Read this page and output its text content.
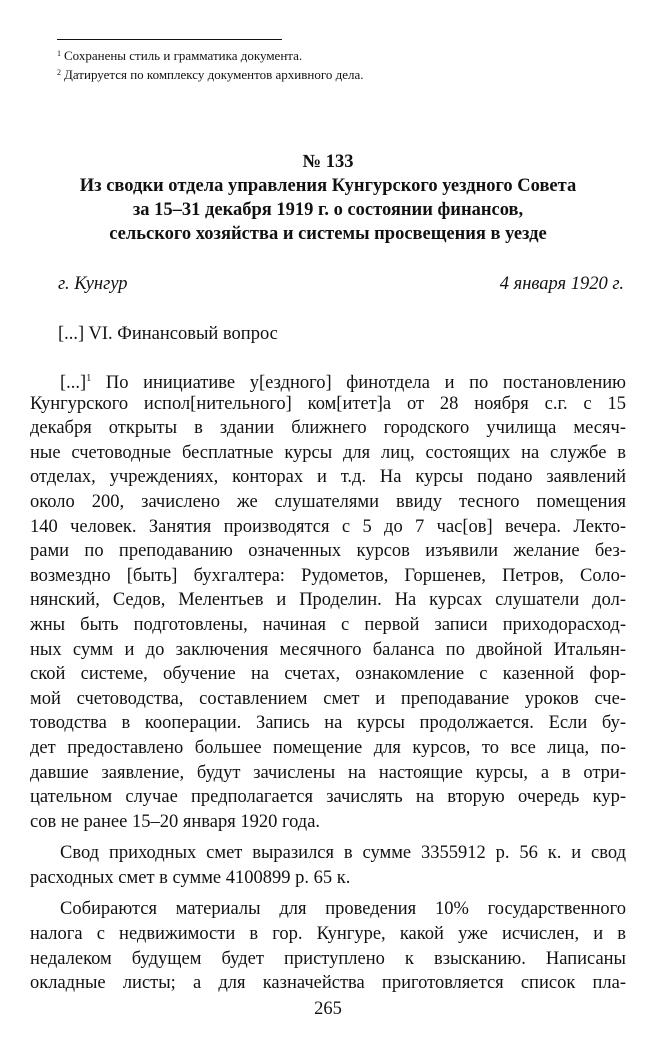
$^1$ Сохранены стиль и грамматика документа.
$^2$ Датируется по комплексу документов архивного дела.
№ 133
Из сводки отдела управления Кунгурского уездного Совета
за 15–31 декабря 1919 г. о состоянии финансов,
сельского хозяйства и системы просвещения в уезде
г. Кунгур	4 января 1920 г.
[...] VI. Финансовый вопрос
[...]$^1$ По инициативе у[ездного] финотдела и по постановлению
Кунгурского испол[нительного] ком[итет]а от 28 ноября с.г. с 15
декабря открыты в здании ближнего городского училища месяч-
ные счетоводные бесплатные курсы для лиц, состоящих на службе в
отделах, учреждениях, конторах и т.д. На курсы подано заявлений
около 200, зачислено же слушателями ввиду тесного помещения
140 человек. Занятия производятся с 5 до 7 час[ов] вечера. Лекто-
рами по преподаванию означенных курсов изъявили желание без-
возмездно [быть] бухгалтера: Рудометов, Горшенев, Петров, Соло-
нянский, Седов, Мелентьев и Проделин. На курсах слушатели дол-
жны быть подготовлены, начиная с первой записи приходорасход-
ных сумм и до заключения месячного баланса по двойной Итальян-
ской системе, обучение на счетах, ознакомление с казенной фор-
мой счетоводства, составлением смет и преподавание уроков сче-
товодства в кооперации. Запись на курсы продолжается. Если бу-
дет предоставлено большее помещение для курсов, то все лица, по-
давшие заявление, будут зачислены на настоящие курсы, а в отри-
цательном случае предполагается зачислять на вторую очередь кур-
сов не ранее 15–20 января 1920 года.
Свод приходных смет выразился в сумме 3355912 р. 56 к. и свод
расходных смет в сумме 4100899 р. 65 к.
Собираются материалы для проведения 10% государственного
налога с недвижимости в гор. Кунгуре, какой уже исчислен, и в
недалеком будущем будет приступлено к взысканию. Написаны
окладные листы; а для казначейства приготовляется список пла-
265
